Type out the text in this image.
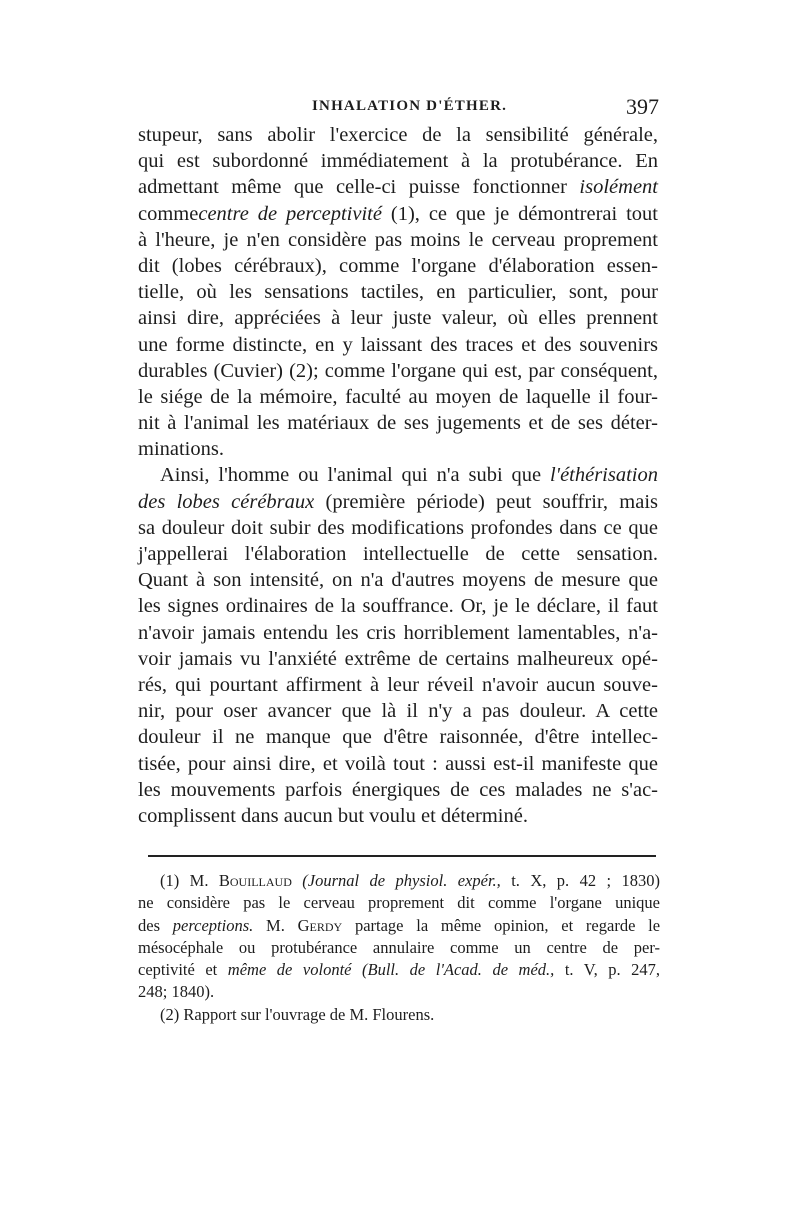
INHALATION D'ÉTHER.	397
stupeur, sans abolir l'exercice de la sensibilité générale,
qui est subordonné immédiatement à la protubérance. En
admettant même que celle-ci puisse fonctionner isolément
commecentre de perceptivité (1), ce que je démontrerai tout
à l'heure, je n'en considère pas moins le cerveau proprement
dit (lobes cérébraux), comme l'organe d'élaboration essen-
tielle, où les sensations tactiles, en particulier, sont, pour
ainsi dire, appréciées à leur juste valeur, où elles prennent
une forme distincte, en y laissant des traces et des souvenirs
durables (Cuvier) (2); comme l'organe qui est, par conséquent,
le siége de la mémoire, faculté au moyen de laquelle il four-
nit à l'animal les matériaux de ses jugements et de ses déter-
minations.
Ainsi, l'homme ou l'animal qui n'a subi que l'éthérisation
des lobes cérébraux (première période) peut souffrir, mais
sa douleur doit subir des modifications profondes dans ce que
j'appellerai l'élaboration intellectuelle de cette sensation.
Quant à son intensité, on n'a d'autres moyens de mesure que
les signes ordinaires de la souffrance. Or, je le déclare, il faut
n'avoir jamais entendu les cris horriblement lamentables, n'a-
voir jamais vu l'anxiété extrême de certains malheureux opé-
rés, qui pourtant affirment à leur réveil n'avoir aucun souve-
nir, pour oser avancer que là il n'y a pas douleur. A cette
douleur il ne manque que d'être raisonnée, d'être intellec-
tisée, pour ainsi dire, et voilà tout : aussi est-il manifeste que
les mouvements parfois énergiques de ces malades ne s'ac-
complissent dans aucun but voulu et déterminé.
(1) M. Bouillaud (Journal de physiol. expér., t. X, p. 42 ; 1830)
ne considère pas le cerveau proprement dit comme l'organe unique
des perceptions. M. Gerdy partage la même opinion, et regarde le
mésocéphale ou protubérance annulaire comme un centre de per-
ceptivité et même de volonté (Bull. de l'Acad. de méd., t. V, p. 247,
248; 1840).
(2) Rapport sur l'ouvrage de M. Flourens.
